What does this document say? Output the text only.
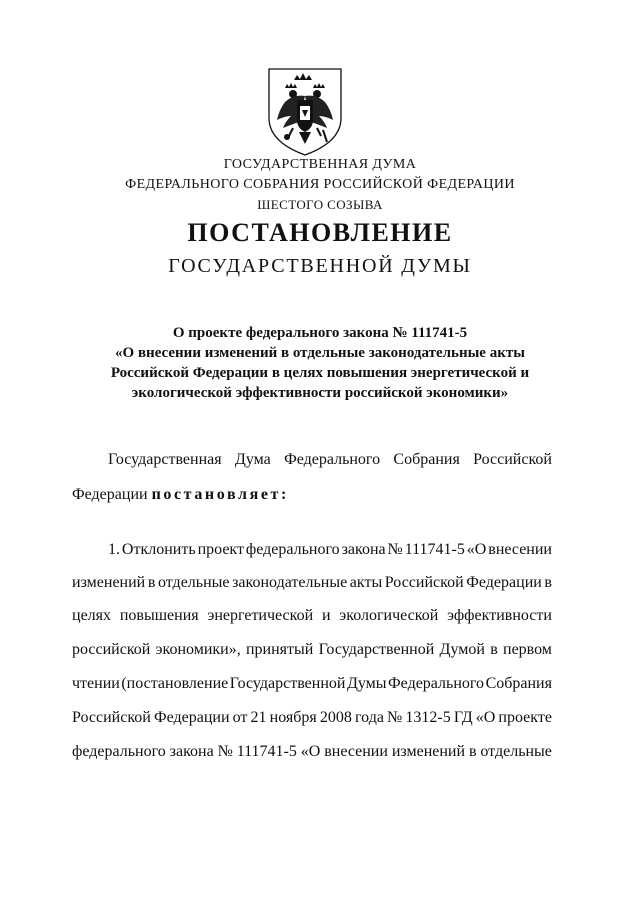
ГОСУДАРСТВЕННАЯ ДУМА
ФЕДЕРАЛЬНОГО СОБРАНИЯ РОССИЙСКОЙ ФЕДЕРАЦИИ
ШЕСТОГО СОЗЫВА
ПОСТАНОВЛЕНИЕ
ГОСУДАРСТВЕННОЙ ДУМЫ
О проекте федерального закона № 111741-5
«О внесении изменений в отдельные законодательные акты
Российской Федерации в целях повышения энергетической и
экологической эффективности российской экономики»
Государственная Дума Федерального Собрания Российской
Федерации постановляет:
1. Отклонить проект федерального закона № 111741-5 «О внесении
изменений в отдельные законодательные акты Российской Федерации в
целях повышения энергетической и экологической эффективности
российской экономики», принятый Государственной Думой в первом
чтении (постановление Государственной Думы Федерального Собрания
Российской Федерации от 21 ноября 2008 года № 1312-5 ГД «О проекте
федерального закона № 111741-5 «О внесении изменений в отдельные
